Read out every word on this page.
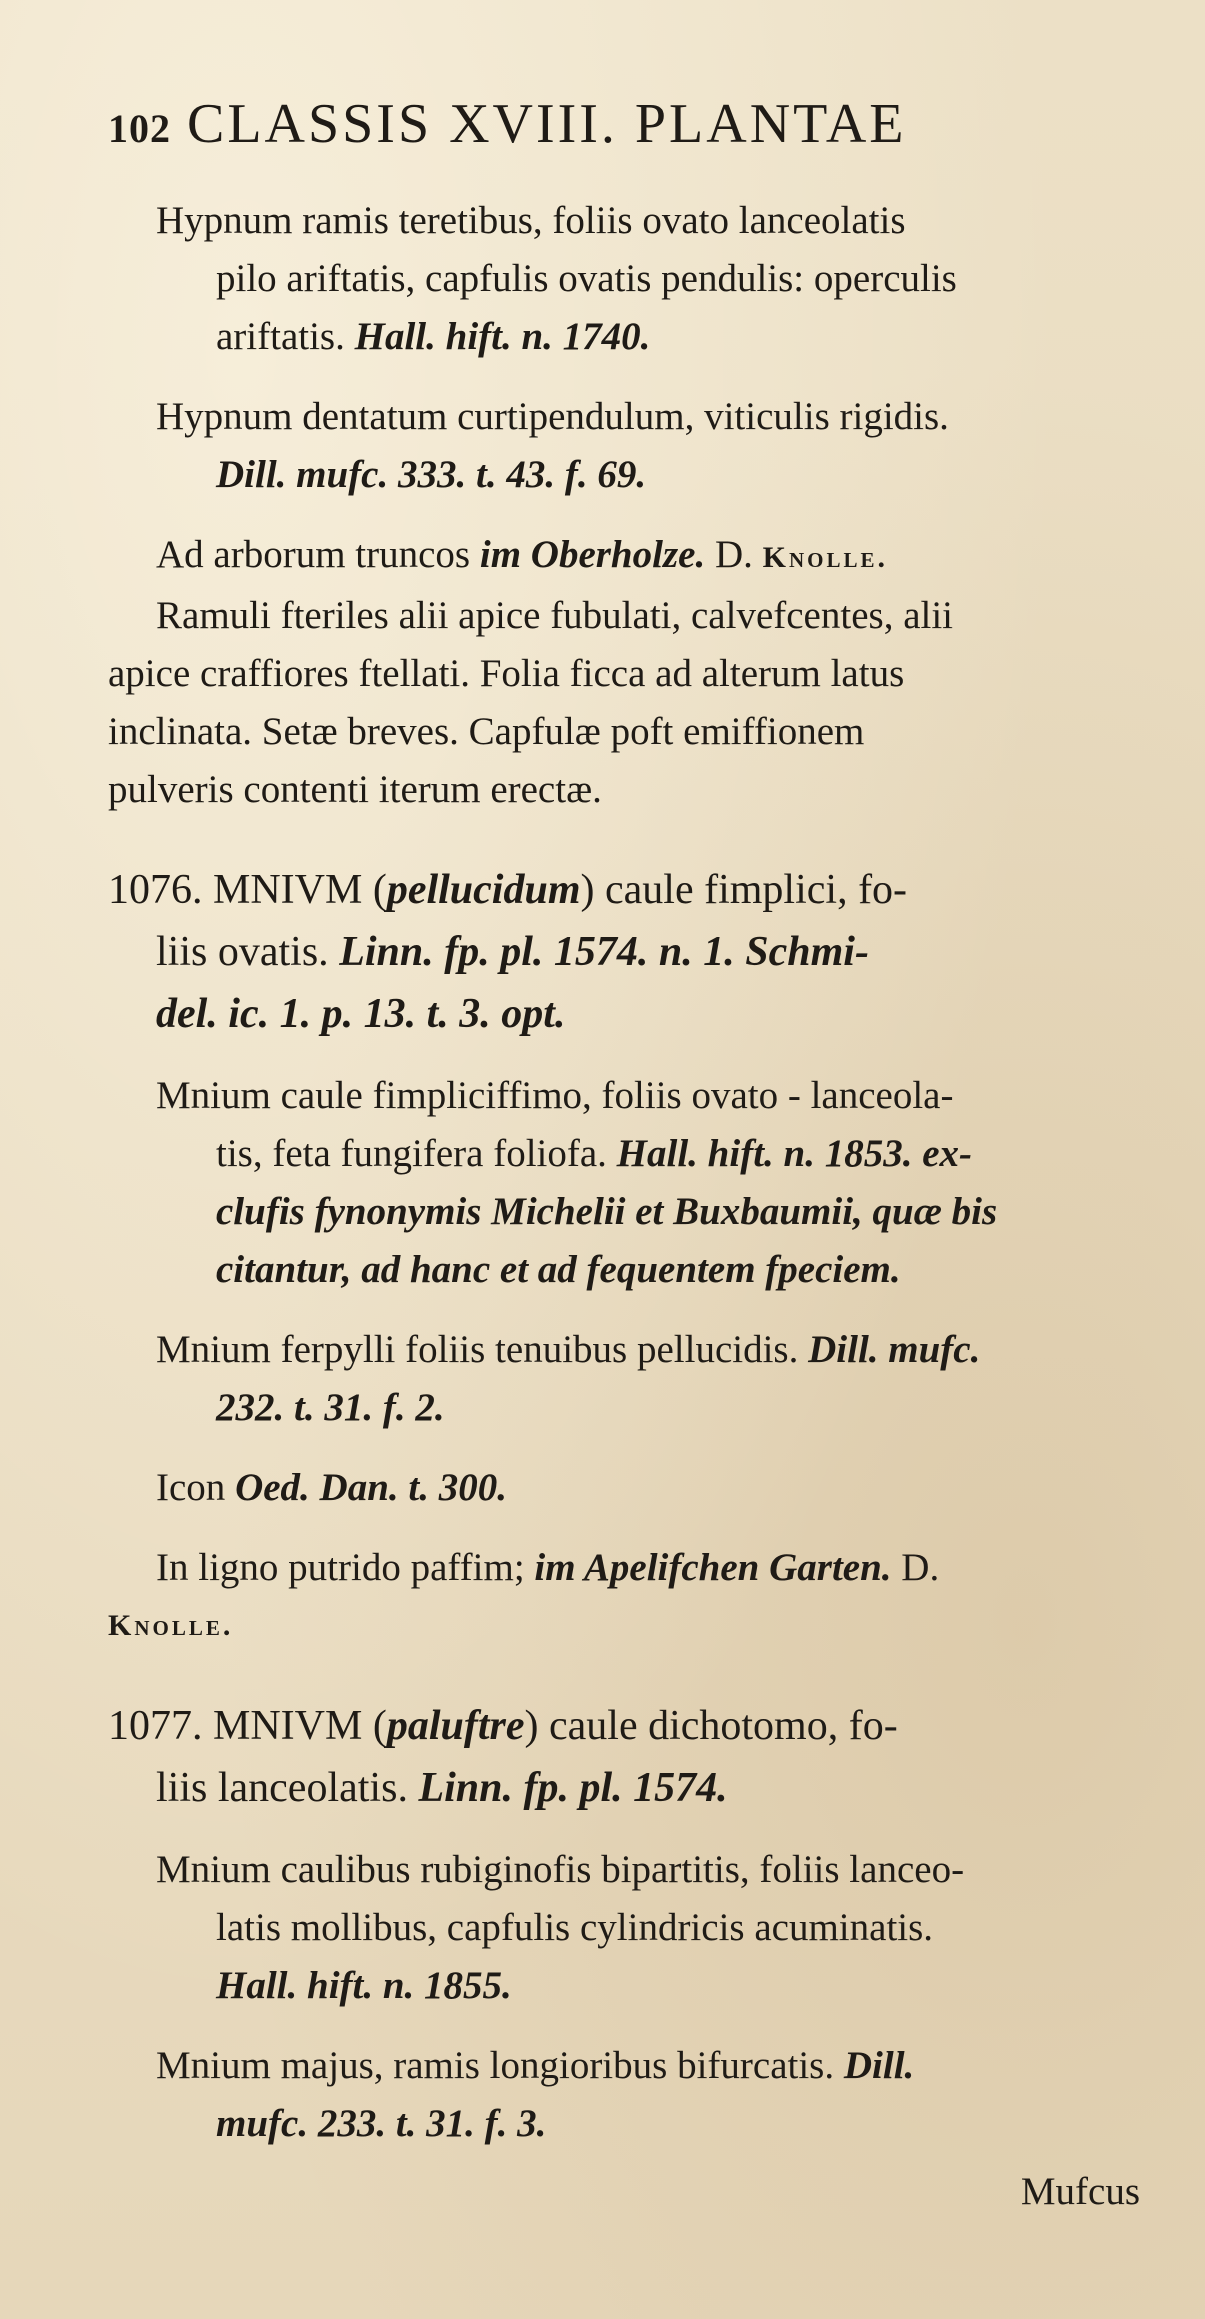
102 CLASSIS XVIII. PLANTAE
Hypnum ramis teretibus, foliis ovato lanceolatis
pilo ariftatis, capfulis ovatis pendulis: operculis
ariftatis. Hall. hift. n. 1740.
Hypnum dentatum curtipendulum, viticulis rigidis.
Dill. mufc. 333. t. 43. f. 69.
Ad arborum truncos im Oberholze. D. Knolle.
Ramuli fteriles alii apice fubulati, calvefcentes, alii
apice craffiores ftellati. Folia ficca ad alterum latus
inclinata. Setæ breves. Capfulæ poft emiffionem
pulveris contenti iterum erectæ.
1076. MNIVM (pellucidum) caule fimplici, fo-
liis ovatis. Linn. fp. pl. 1574. n. 1. Schmi-
del. ic. 1. p. 13. t. 3. opt.
Mnium caule fimpliciffimo, foliis ovato - lanceola-
tis, feta fungifera foliofa. Hall. hift. n. 1853. ex-
clufis fynonymis Michelii et Buxbaumii, quæ bis
citantur, ad hanc et ad fequentem fpeciem.
Mnium ferpylli foliis tenuibus pellucidis. Dill. mufc.
232. t. 31. f. 2.
Icon Oed. Dan. t. 300.
In ligno putrido paffim; im Apelifchen Garten. D.
Knolle.
1077. MNIVM (paluftre) caule dichotomo, fo-
liis lanceolatis. Linn. fp. pl. 1574.
Mnium caulibus rubiginofis bipartitis, foliis lanceo-
latis mollibus, capfulis cylindricis acuminatis.
Hall. hift. n. 1855.
Mnium majus, ramis longioribus bifurcatis. Dill.
mufc. 233. t. 31. f. 3.
Mufcus
